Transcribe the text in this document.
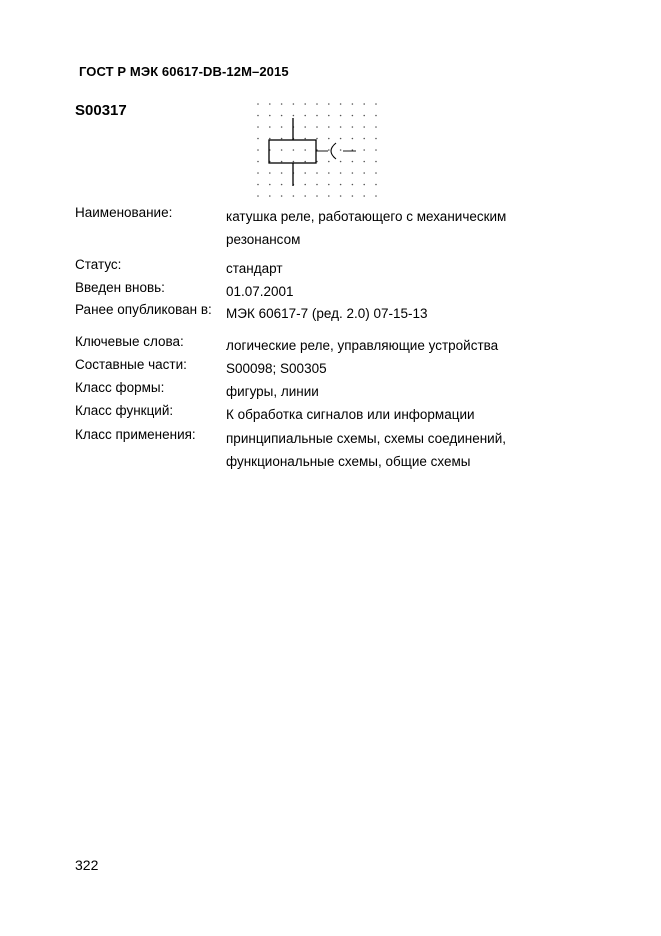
ГОСТ Р МЭК 60617-DB-12M–2015
S00317
Наименование:	катушка реле, работающего с механическим
резонансом
Статус:	стандарт
Введен вновь:	01.07.2001
Ранее опубликован в: МЭК 60617-7 (ред. 2.0) 07-15-13
Ключевые слова:	логические реле, управляющие устройства
Составные части:	S00098; S00305
Класс формы:	фигуры, линии
Класс функций:	К обработка сигналов или информации
Класс применения: принципиальные схемы, схемы соединений,
функциональные схемы, общие схемы
322
